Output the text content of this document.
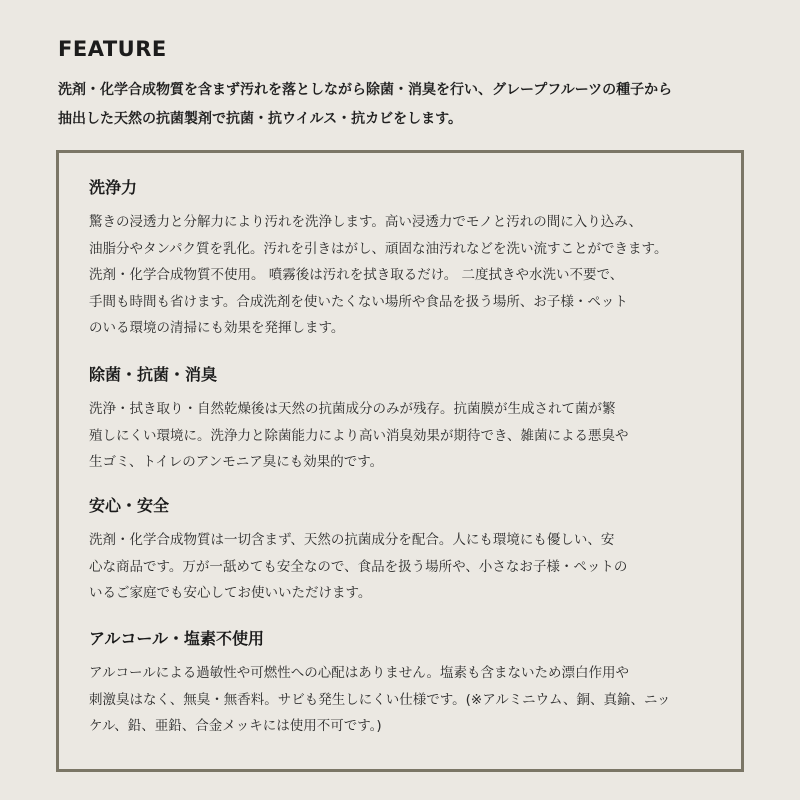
FEATURE
洗剤・化学合成物質を含まず汚れを落としながら除菌・消臭を行い、グレープフルーツの種子から
抽出した天然の抗菌製剤で抗菌・抗ウイルス・抗カビをします。
洗浄力
驚きの浸透力と分解力により汚れを洗浄します。高い浸透力でモノと汚れの間に入り込み、
油脂分やタンパク質を乳化。汚れを引きはがし、頑固な油汚れなどを洗い流すことができます。
洗剤・化学合成物質不使用。 噴霧後は汚れを拭き取るだけ。 二度拭きや水洗い不要で、
手間も時間も省けます。合成洗剤を使いたくない場所や食品を扱う場所、お子様・ペット
のいる環境の清掃にも効果を発揮します。
除菌・抗菌・消臭
洗浄・拭き取り・自然乾燥後は天然の抗菌成分のみが残存。抗菌膜が生成されて菌が繁
殖しにくい環境に。洗浄力と除菌能力により高い消臭効果が期待でき、雑菌による悪臭や
生ゴミ、トイレのアンモニア臭にも効果的です。
安心・安全
洗剤・化学合成物質は一切含まず、天然の抗菌成分を配合。人にも環境にも優しい、安
心な商品です。万が一舐めても安全なので、食品を扱う場所や、小さなお子様・ペットの
いるご家庭でも安心してお使いいただけます。
アルコール・塩素不使用
アルコールによる過敏性や可燃性への心配はありません。塩素も含まないため漂白作用や
刺激臭はなく、無臭・無香料。サビも発生しにくい仕様です。(※アルミニウム、銅、真鍮、ニッ
ケル、鉛、亜鉛、合金メッキには使用不可です。)
